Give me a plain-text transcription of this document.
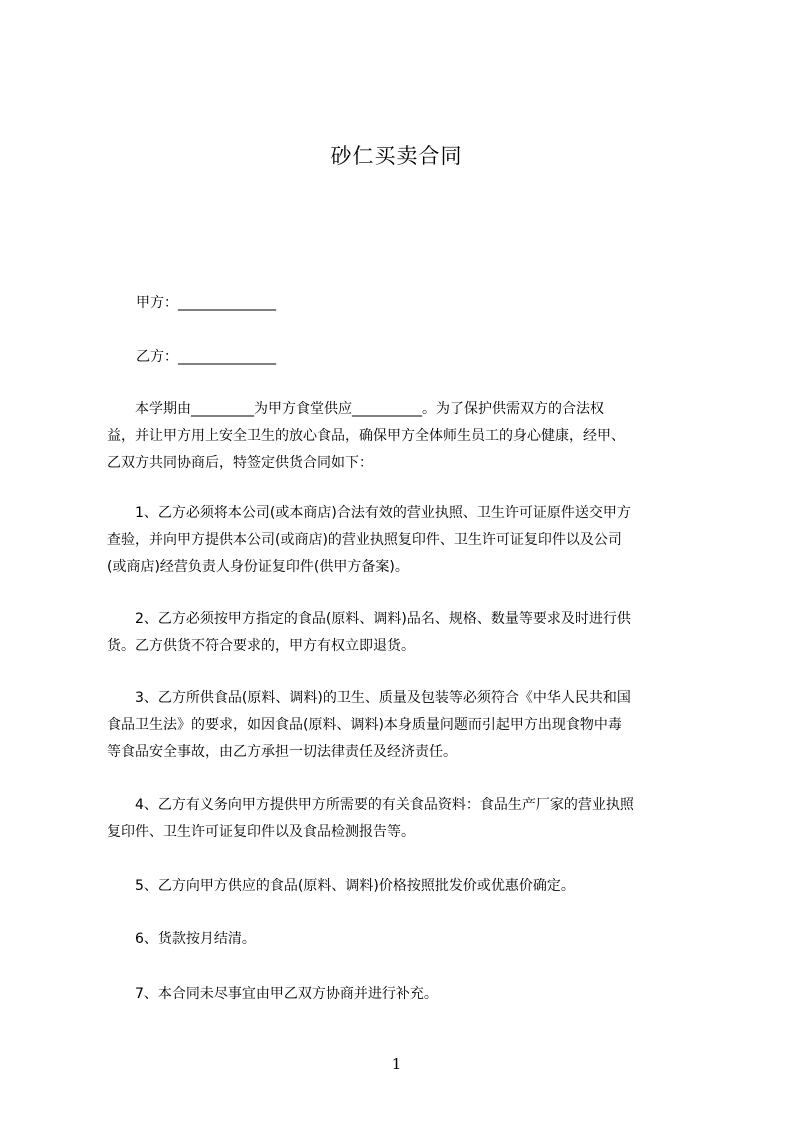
砂仁买卖合同
甲方：______________
乙方：______________

　　本学期由_________为甲方食堂供应__________。为了保护供需双方的合法权
益，并让甲方用上安全卫生的放心食品，确保甲方全体师生员工的身心健康，经甲、
乙双方共同协商后，特签定供货合同如下：

　　1、乙方必须将本公司(或本商店)合法有效的营业执照、卫生许可证原件送交甲方
查验，并向甲方提供本公司(或商店)的营业执照复印件、卫生许可证复印件以及公司
(或商店)经营负责人身份证复印件(供甲方备案)。

　　2、乙方必须按甲方指定的食品(原料、调料)品名、规格、数量等要求及时进行供
货。乙方供货不符合要求的，甲方有权立即退货。

　　3、乙方所供食品(原料、调料)的卫生、质量及包装等必须符合《中华人民共和国
食品卫生法》的要求，如因食品(原料、调料)本身质量问题而引起甲方出现食物中毒
等食品安全事故，由乙方承担一切法律责任及经济责任。

　　4、乙方有义务向甲方提供甲方所需要的有关食品资料：食品生产厂家的营业执照
复印件、卫生许可证复印件以及食品检测报告等。

　　5、乙方向甲方供应的食品(原料、调料)价格按照批发价或优惠价确定。

　　6、货款按月结清。

　　7、本合同未尽事宜由甲乙双方协商并进行补充。

1
